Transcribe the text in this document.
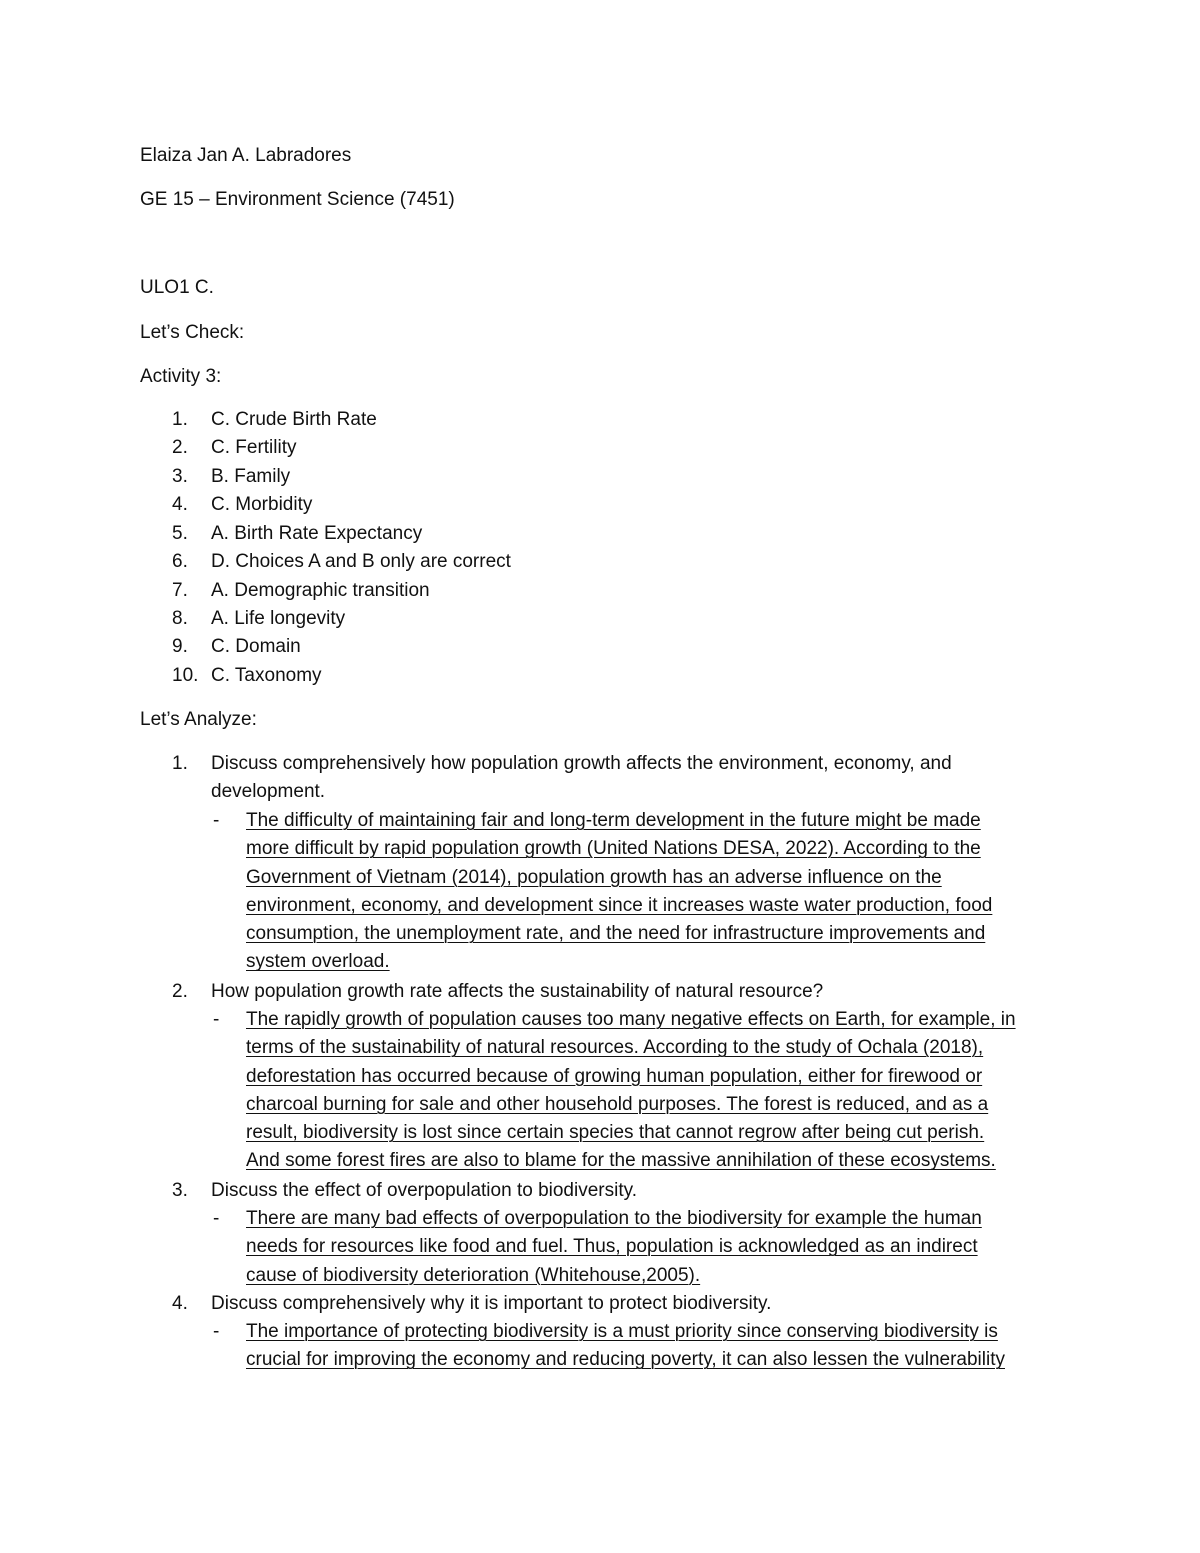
Elaiza Jan A. Labradores
GE 15 – Environment Science (7451)
ULO1 C.
Let’s Check:
Activity 3:
1. C. Crude Birth Rate
2. C. Fertility
3. B. Family
4. C. Morbidity
5. A. Birth Rate Expectancy
6. D. Choices A and B only are correct
7. A. Demographic transition
8. A. Life longevity
9. C. Domain
10. C. Taxonomy
Let’s Analyze:
1. Discuss comprehensively how population growth affects the environment, economy, and
development.
- The difficulty of maintaining fair and long-term development in the future might be made
more difficult by rapid population growth (United Nations DESA, 2022). According to the
Government of Vietnam (2014), population growth has an adverse influence on the
environment, economy, and development since it increases waste water production, food
consumption, the unemployment rate, and the need for infrastructure improvements and
system overload.
2. How population growth rate affects the sustainability of natural resource?
- The rapidly growth of population causes too many negative effects on Earth, for example, in
terms of the sustainability of natural resources. According to the study of Ochala (2018),
deforestation has occurred because of growing human population, either for firewood or
charcoal burning for sale and other household purposes. The forest is reduced, and as a
result, biodiversity is lost since certain species that cannot regrow after being cut perish.
And some forest fires are also to blame for the massive annihilation of these ecosystems.
3. Discuss the effect of overpopulation to biodiversity.
- There are many bad effects of overpopulation to the biodiversity for example the human
needs for resources like food and fuel. Thus, population is acknowledged as an indirect
cause of biodiversity deterioration (Whitehouse,2005).
4. Discuss comprehensively why it is important to protect biodiversity.
- The importance of protecting biodiversity is a must priority since conserving biodiversity is
crucial for improving the economy and reducing poverty, it can also lessen the vulnerability
